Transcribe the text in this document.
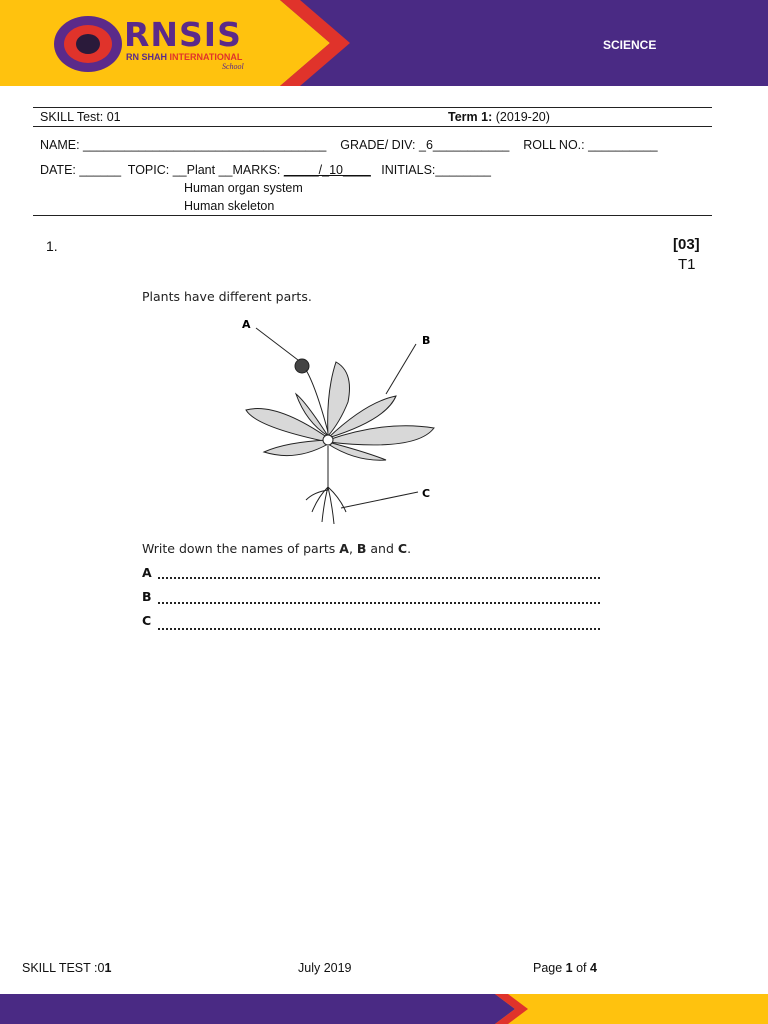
RNSIS
RN SHAH INTERNATIONAL
School
SCIENCE
SKILL Test: 01	Term 1: (2019-20)
NAME: ___________________________________    GRADE/ DIV: _6___________    ROLL NO.: __________
DATE: ______  TOPIC: __Plant __MARKS: _____/_10____   INITIALS:________
Human organ system
Human skeleton
1.	[03]
T1
Plants have different parts.
A
B
C
Write down the names of parts A, B and C.
A
B
C
SKILL TEST :01	July 2019	Page 1 of 4
